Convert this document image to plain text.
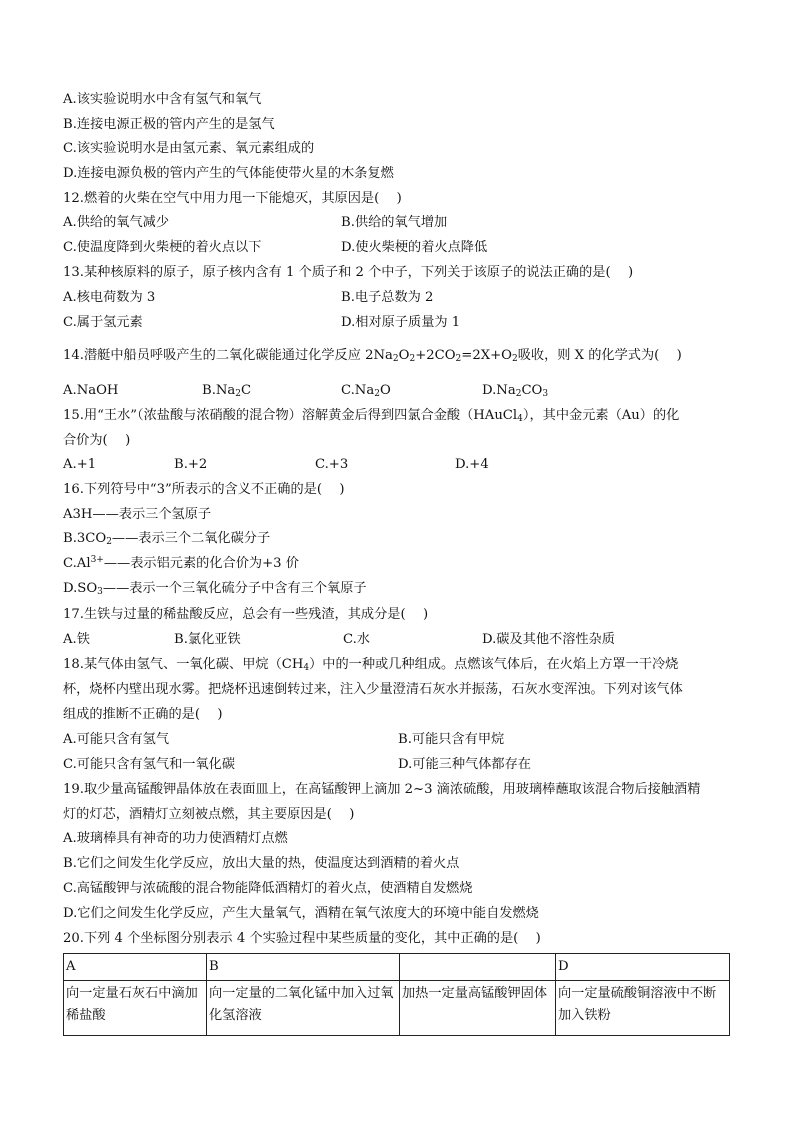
A.该实验说明水中含有氢气和氧气
B.连接电源正极的管内产生的是氢气
C.该实验说明水是由氢元素、氧元素组成的
D.连接电源负极的管内产生的气体能使带火星的木条复燃
12.燃着的火柴在空气中用力甩一下能熄灭，其原因是(　 )
A.供给的氧气减少	B.供给的氧气增加
C.使温度降到火柴梗的着火点以下	D.使火柴梗的着火点降低
13.某种核原料的原子，原子核内含有 1 个质子和 2 个中子，下列关于该原子的说法正确的是(　 )
A.核电荷数为 3	B.电子总数为 2
C.属于氢元素	D.相对原子质量为 1
14.潜艇中船员呼吸产生的二氧化碳能通过化学反应 $2Na_2O_2+2CO_2=2X+O_2$吸收，则 X 的化学式为(　 )
A.NaOH	$B.Na_2C$	$C.Na_2O$	$D.Na_2CO_3$
15.用“王水”（浓盐酸与浓硝酸的混合物）溶解黄金后得到四氯合金酸（HAuCl$_4$），其中金元素（Au）的化
合价为(　 )
A.+1	B.+2	C.+3	D.+4
16.下列符号中“3”所表示的含义不正确的是(　 )
A3H——表示三个氢原子
$B.3CO_2——$表示三个二氧化碳分子
$C.Al^{3+}——$表示铝元素的化合价为+3 价
$D.SO_3——$表示一个三氧化硫分子中含有三个氧原子
17.生铁与过量的稀盐酸反应，总会有一些残渣，其成分是(　 )
A.铁	B.氯化亚铁	C.水	D.碳及其他不溶性杂质
18.某气体由氢气、一氧化碳、甲烷$(CH_4)$中的一种或几种组成。点燃该气体后，在火焰上方罩一干冷烧
杯，烧杯内壁出现水雾。把烧杯迅速倒转过来，注入少量澄清石灰水并振荡，石灰水变浑浊。下列对该气体
组成的推断不正确的是(　 )
A.可能只含有氢气	B.可能只含有甲烷
C.可能只含有氢气和一氧化碳	D.可能三种气体都存在
19.取少量高锰酸钾晶体放在表面皿上，在高锰酸钾上滴加 2~3 滴浓硫酸，用玻璃棒蘸取该混合物后接触酒精
灯的灯芯，酒精灯立刻被点燃，其主要原因是(　 )
A.玻璃棒具有神奇的功力使酒精灯点燃
B.它们之间发生化学反应，放出大量的热，使温度达到酒精的着火点
C.高锰酸钾与浓硫酸的混合物能降低酒精灯的着火点，使酒精自发燃烧
D.它们之间发生化学反应，产生大量氧气，酒精在氧气浓度大的环境中能自发燃烧
20.下列 4 个坐标图分别表示 4 个实验过程中某些质量的变化，其中正确的是(　 )
A	B		D
向一定量石灰石中滴加稀盐酸	向一定量的二氧化锰中加入过氧化氢溶液	加热一定量高锰酸钾固体	向一定量硫酸铜溶液中不断加入铁粉
